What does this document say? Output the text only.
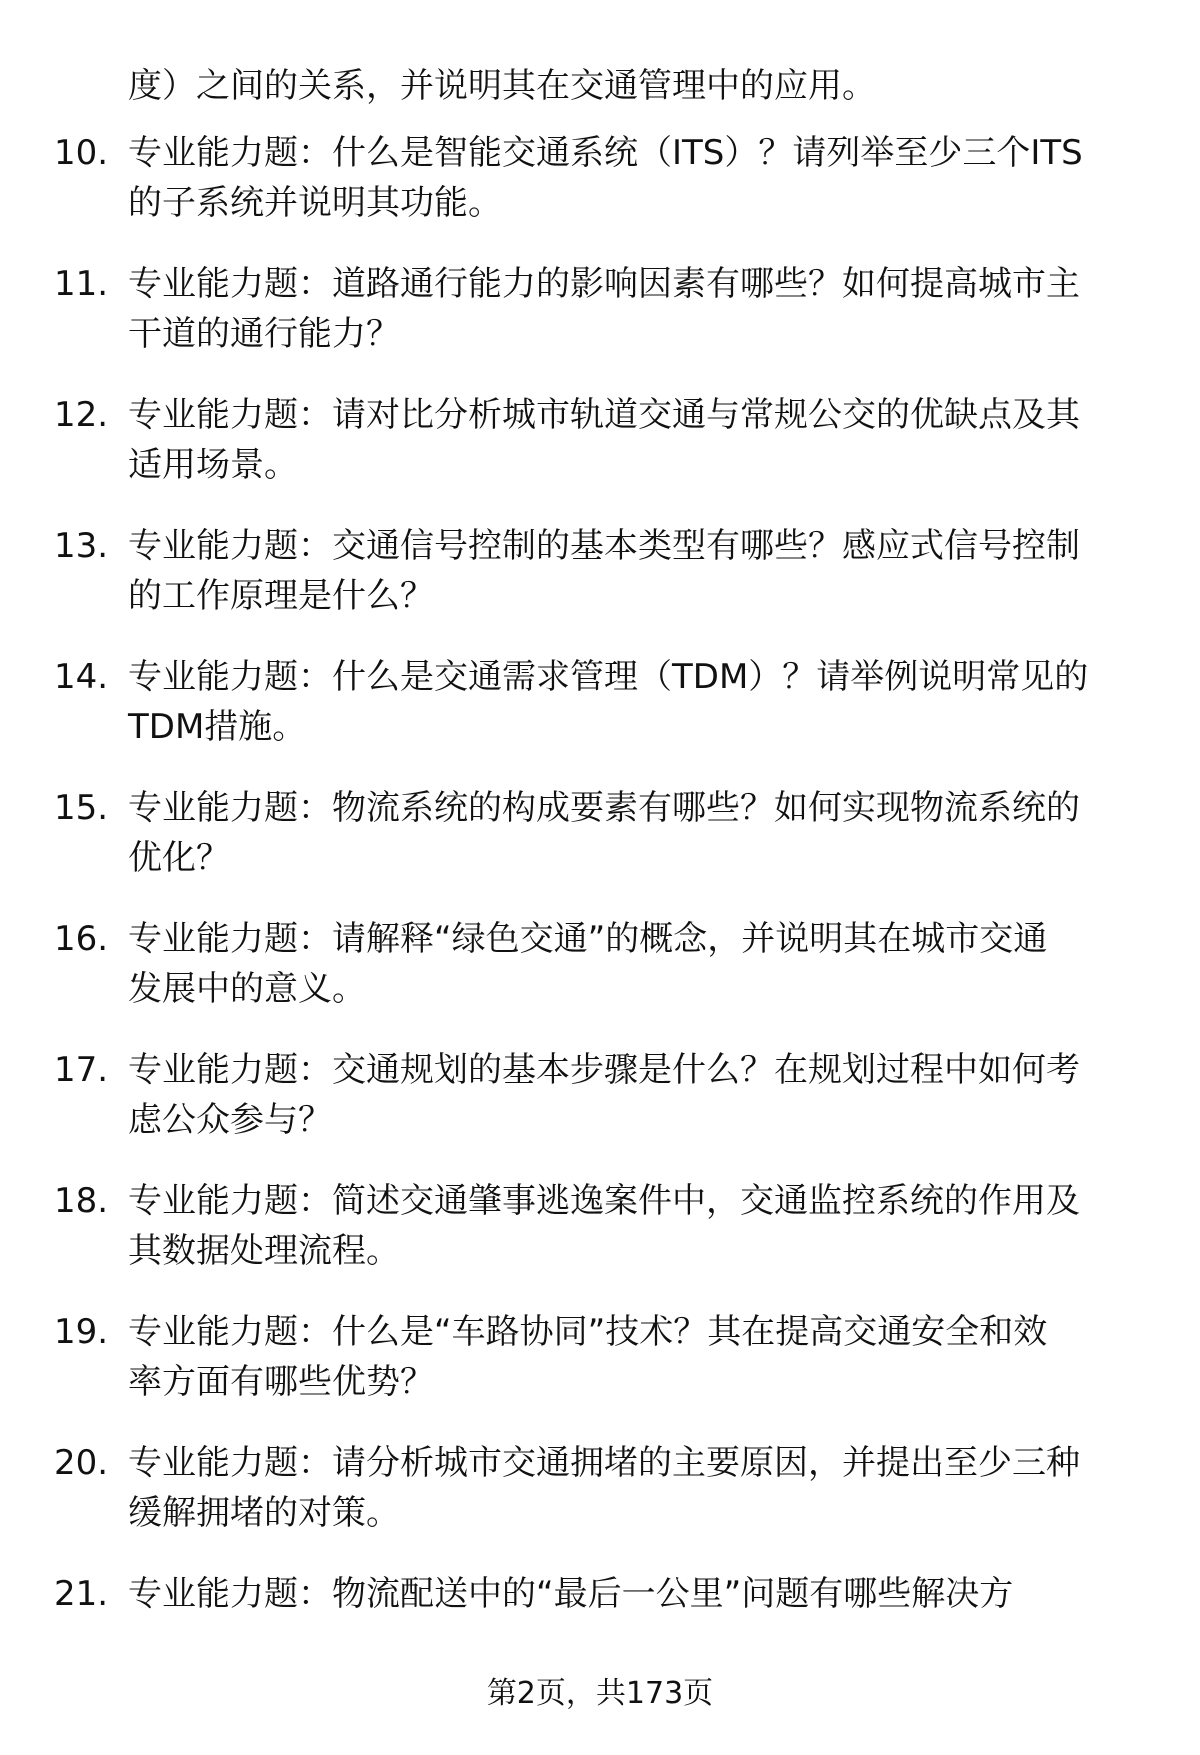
度）之间的关系，并说明其在交通管理中的应用。
10. 专业能力题：什么是智能交通系统（ITS）？请列举至少三个ITS
的子系统并说明其功能。
11. 专业能力题：道路通行能力的影响因素有哪些？如何提高城市主
干道的通行能力？
12. 专业能力题：请对比分析城市轨道交通与常规公交的优缺点及其
适用场景。
13. 专业能力题：交通信号控制的基本类型有哪些？感应式信号控制
的工作原理是什么？
14. 专业能力题：什么是交通需求管理（TDM）？请举例说明常见的
TDM措施。
15. 专业能力题：物流系统的构成要素有哪些？如何实现物流系统的
优化？
16. 专业能力题：请解释“绿色交通”的概念，并说明其在城市交通
发展中的意义。
17. 专业能力题：交通规划的基本步骤是什么？在规划过程中如何考
虑公众参与？
18. 专业能力题：简述交通肇事逃逸案件中，交通监控系统的作用及
其数据处理流程。
19. 专业能力题：什么是“车路协同”技术？其在提高交通安全和效
率方面有哪些优势？
20. 专业能力题：请分析城市交通拥堵的主要原因，并提出至少三种
缓解拥堵的对策。
21. 专业能力题：物流配送中的“最后一公里”问题有哪些解决方
第2页，共173页
